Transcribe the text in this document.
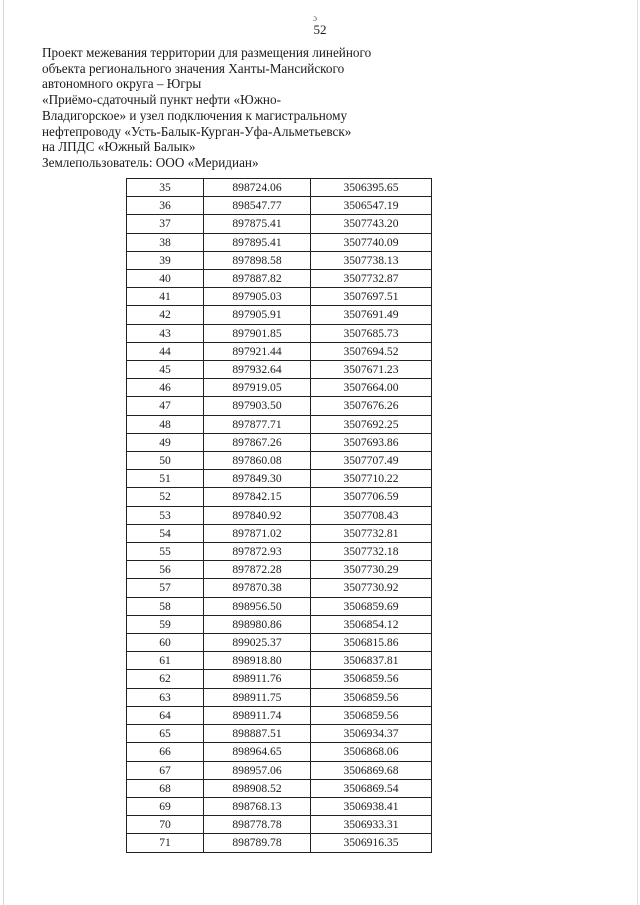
ɔ
52
Проект межевания территории для размещения линейного
объекта регионального значения Ханты-Мансийского
автономного округа – Югры
«Приёмо-сдаточный пункт нефти «Южно-
Владигорское» и узел подключения к магистральному
нефтепроводу «Усть-Балык-Курган-Уфа-Альметьевск»
на ЛПДС «Южный Балык»
Землепользователь: ООО «Меридиан»
35	898724.06	3506395.65
36	898547.77	3506547.19
37	897875.41	3507743.20
38	897895.41	3507740.09
39	897898.58	3507738.13
40	897887.82	3507732.87
41	897905.03	3507697.51
42	897905.91	3507691.49
43	897901.85	3507685.73
44	897921.44	3507694.52
45	897932.64	3507671.23
46	897919.05	3507664.00
47	897903.50	3507676.26
48	897877.71	3507692.25
49	897867.26	3507693.86
50	897860.08	3507707.49
51	897849.30	3507710.22
52	897842.15	3507706.59
53	897840.92	3507708.43
54	897871.02	3507732.81
55	897872.93	3507732.18
56	897872.28	3507730.29
57	897870.38	3507730.92
58	898956.50	3506859.69
59	898980.86	3506854.12
60	899025.37	3506815.86
61	898918.80	3506837.81
62	898911.76	3506859.56
63	898911.75	3506859.56
64	898911.74	3506859.56
65	898887.51	3506934.37
66	898964.65	3506868.06
67	898957.06	3506869.68
68	898908.52	3506869.54
69	898768.13	3506938.41
70	898778.78	3506933.31
71	898789.78	3506916.35
